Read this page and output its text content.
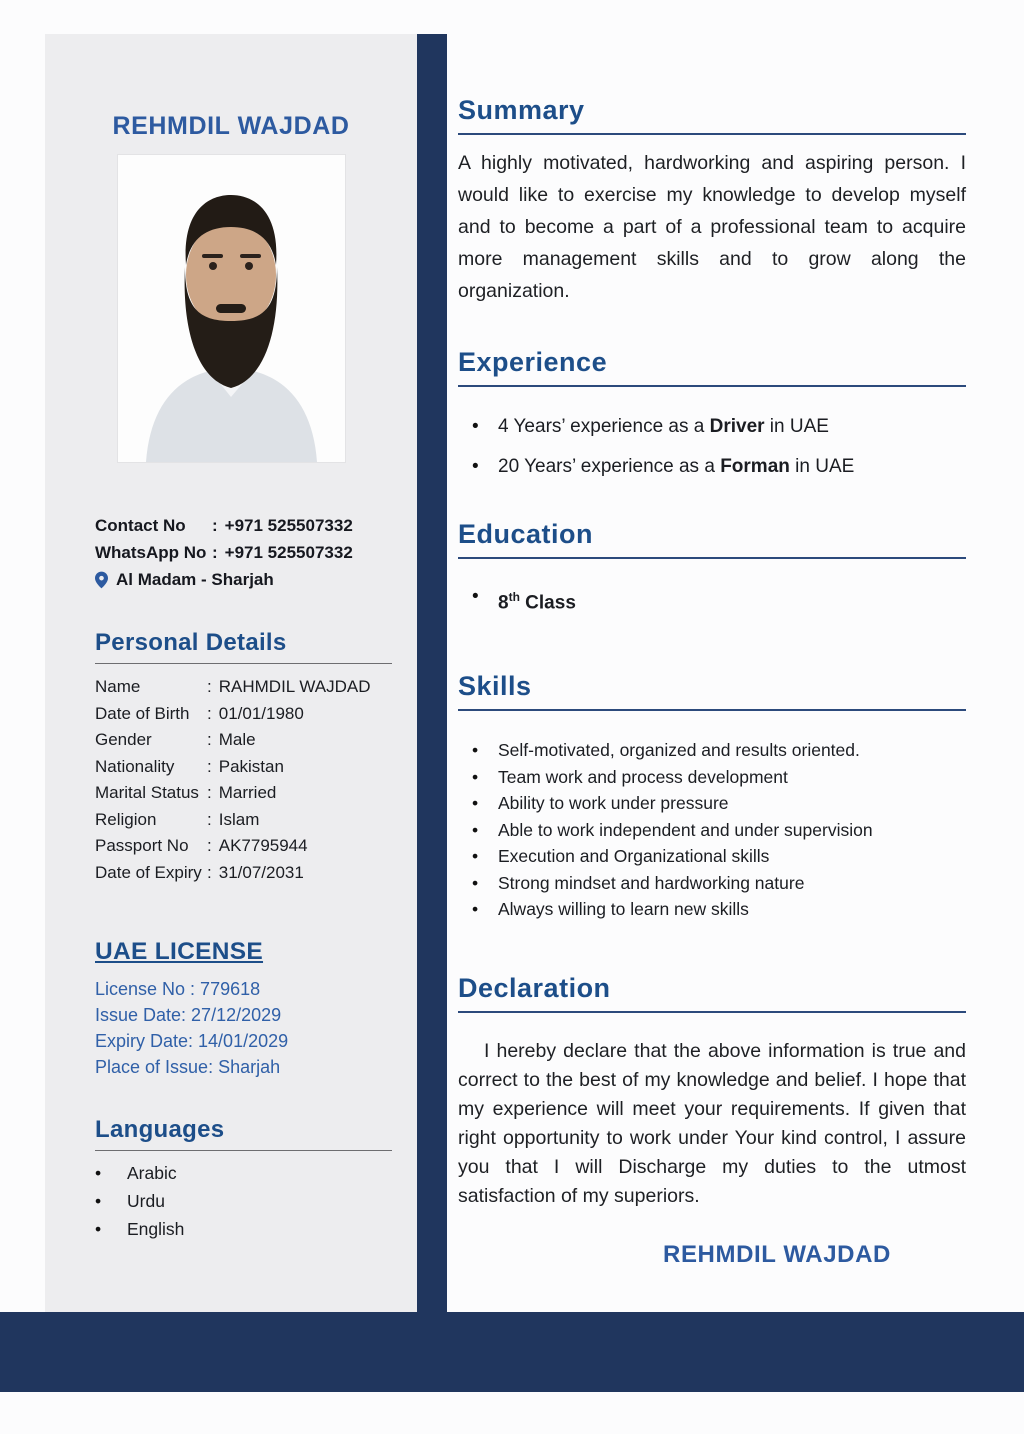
REHMDIL WAJDAD
Contact No	: +971 525507332
WhatsApp No : +971 525507332
Al Madam - Sharjah
Personal Details
Name	: RAHMDIL WAJDAD
Date of Birth	: 01/01/1980
Gender	: Male
Nationality	: Pakistan
Marital Status : Married
Religion	: Islam
Passport No	: AK7795944
Date of Expiry : 31/07/2031
UAE LICENSE
License No : 779618
Issue Date: 27/12/2029
Expiry Date: 14/01/2029
Place of Issue: Sharjah
Languages
•	Arabic
•	Urdu
•	English
Summary
A highly motivated, hardworking and aspiring person. I would like to exercise my knowledge to develop myself and to become a part of a professional team to acquire more management skills and to grow along the organization.
Experience
•	4 Years’ experience as a Driver in UAE
•	20 Years’ experience as a Forman in UAE
Education
•	8th Class
Skills
•	Self-motivated, organized and results oriented.
•	Team work and process development
•	Ability to work under pressure
•	Able to work independent and under supervision
•	Execution and Organizational skills
•	Strong mindset and hardworking nature
•	Always willing to learn new skills
Declaration
I hereby declare that the above information is true and correct to the best of my knowledge and belief. I hope that my experience will meet your requirements. If given that right opportunity to work under Your kind control, I assure you that I will Discharge my duties to the utmost satisfaction of my superiors.
REHMDIL WAJDAD
